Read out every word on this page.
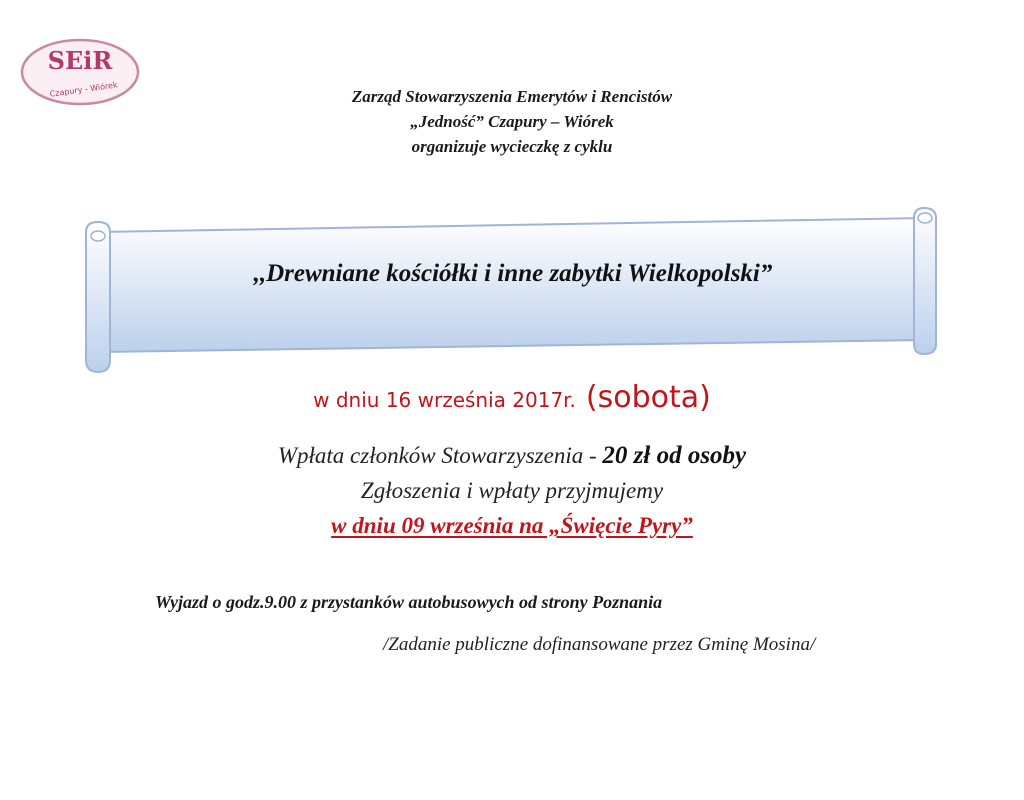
SEiR
Czapury - Wiórek	Zarząd Stowarzyszenia Emerytów i Rencistów
„Jedność” Czapury – Wiórek
organizuje wycieczkę z cyklu
,,Drewniane kościółki i inne zabytki Wielkopolski”
w dniu 16 września 2017r. (sobota)
Wpłata członków Stowarzyszenia - 20 zł od osoby
Zgłoszenia i wpłaty przyjmujemy
w dniu 09 września na „Święcie Pyry”
Wyjazd o godz.9.00 z przystanków autobusowych od strony Poznania
/Zadanie publiczne dofinansowane przez Gminę Mosina/
